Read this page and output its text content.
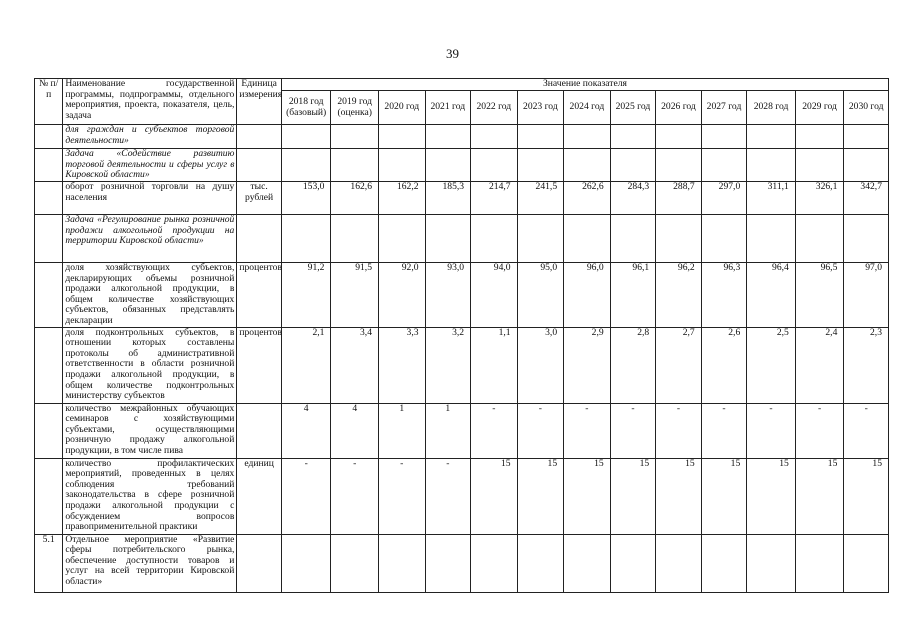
39
№ п/п	Наименование государственной программы, подпрограммы, отдельного мероприятия, проекта, показателя, цель, задача	Единица измерения	Значение показателя												
			2018 год (базовый)	2019 год (оценка)	2020 год	2021 год	2022 год	2023 год	2024 год	2025 год	2026 год	2027 год	2028 год	2029 год	2030 год
	для граждан и субъектов торговой деятельности»														
	Задача «Содействие развитию торговой деятельности и сферы услуг в Кировской области»														
	оборот розничной торговли на душу населения	тыс. рублей	153,0	162,6	162,2	185,3	214,7	241,5	262,6	284,3	288,7	297,0	311,1	326,1	342,7
	Задача «Регулирование рынка розничной продажи алкогольной продукции на территории Кировской области»														
	доля хозяйствующих субъектов, декларирующих объемы розничной продажи алкогольной продукции, в общем количестве хозяйствующих субъектов, обязанных представлять декларации	процентов	91,2	91,5	92,0	93,0	94,0	95,0	96,0	96,1	96,2	96,3	96,4	96,5	97,0
	доля подконтрольных субъектов, в отношении которых составлены протоколы об административной ответственности в области розничной продажи алкогольной продукции, в общем количестве подконтрольных министерству субъектов	процентов	2,1	3,4	3,3	3,2	1,1	3,0	2,9	2,8	2,7	2,6	2,5	2,4	2,3
	количество межрайонных обучающих семинаров с хозяйствующими субъектами, осуществляющими розничную продажу алкогольной продукции, в том числе пива		4	4	1	1	-	-	-	-	-	-	-	-	-
	количество профилактических мероприятий, проведенных в целях соблюдения требований законодательства в сфере розничной продажи алкогольной продукции с обсуждением вопросов правоприменительной практики	единиц	-	-	-	-	15	15	15	15	15	15	15	15	15
5.1	Отдельное мероприятие «Развитие сферы потребительского рынка, обеспечение доступности товаров и услуг на всей территории Кировской области»														
